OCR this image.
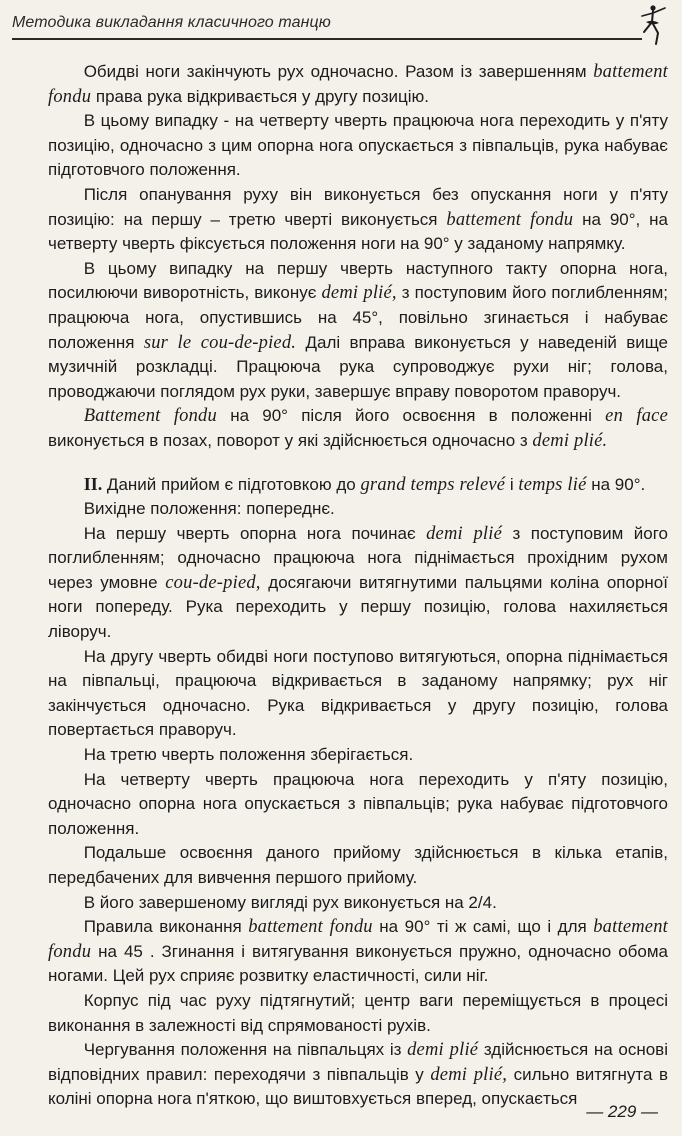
Методика викладання класичного танцю

Обидві ноги закінчують рух одночасно. Разом із завершенням battement fondu права рука відкривається у другу позицію.

В цьому випадку - на четверту чверть працююча нога переходить у п'яту позицію, одночасно з цим опорна нога опускається з півпальців, рука набуває підготовчого положення.

Після опанування руху він виконується без опускання ноги у п'яту позицію: на першу – третю чверті виконується battement fondu на 90°, на четверту чверть фіксується положення ноги на 90° у заданому напрямку.

В цьому випадку на першу чверть наступного такту опорна нога, посилюючи виворотність, виконує demi plié, з поступовим його поглибленням; працююча нога, опустившись на 45°, повільно згинається і набуває положення sur le cou-de-pied. Далі вправа виконується у наведеній вище музичній розкладці. Працююча рука супроводжує рухи ніг; голова, проводжаючи поглядом рух руки, завершує вправу поворотом праворуч.

Battement fondu на 90° після його освоєння в положенні en face виконується в позах, поворот у які здійснюється одночасно з demi plié.

II. Даний прийом є підготовкою до grand temps relevé і temps lié на 90°.

Вихідне положення: попереднє.

На першу чверть опорна нога починає demi plié з поступовим його поглибленням; одночасно працююча нога піднімається прохідним рухом через умовне cou-de-pied, досягаючи витягнутими пальцями коліна опорної ноги попереду. Рука переходить у першу позицію, голова нахиляється ліворуч.

На другу чверть обидві ноги поступово витягуються, опорна піднімається на півпальці, працююча відкривається в заданому напрямку; рух ніг закінчується одночасно. Рука відкривається у другу позицію, голова повертається праворуч.

На третю чверть положення зберігається.

На четверту чверть працююча нога переходить у п'яту позицію, одночасно опорна нога опускається з півпальців; рука набуває підготовчого положення.

Подальше освоєння даного прийому здійснюється в кілька етапів, передбачених для вивчення першого прийому.

В його завершеному вигляді рух виконується на 2/4.

Правила виконання battement fondu на 90° ті ж самі, що і для battement fondu на 45 . Згинання і витягування виконується пружно, одночасно обома ногами. Цей рух сприяє розвитку еластичності, сили ніг.

Корпус під час руху підтягнутий; центр ваги переміщується в процесі виконання в залежності від спрямованості рухів.

Чергування положення на півпальцях із demi plié здійснюється на основі відповідних правил: переходячи з півпальців у demi plié, сильно витягнута в коліні опорна нога п'яткою, що виштовхується вперед, опускається

— 229 —
